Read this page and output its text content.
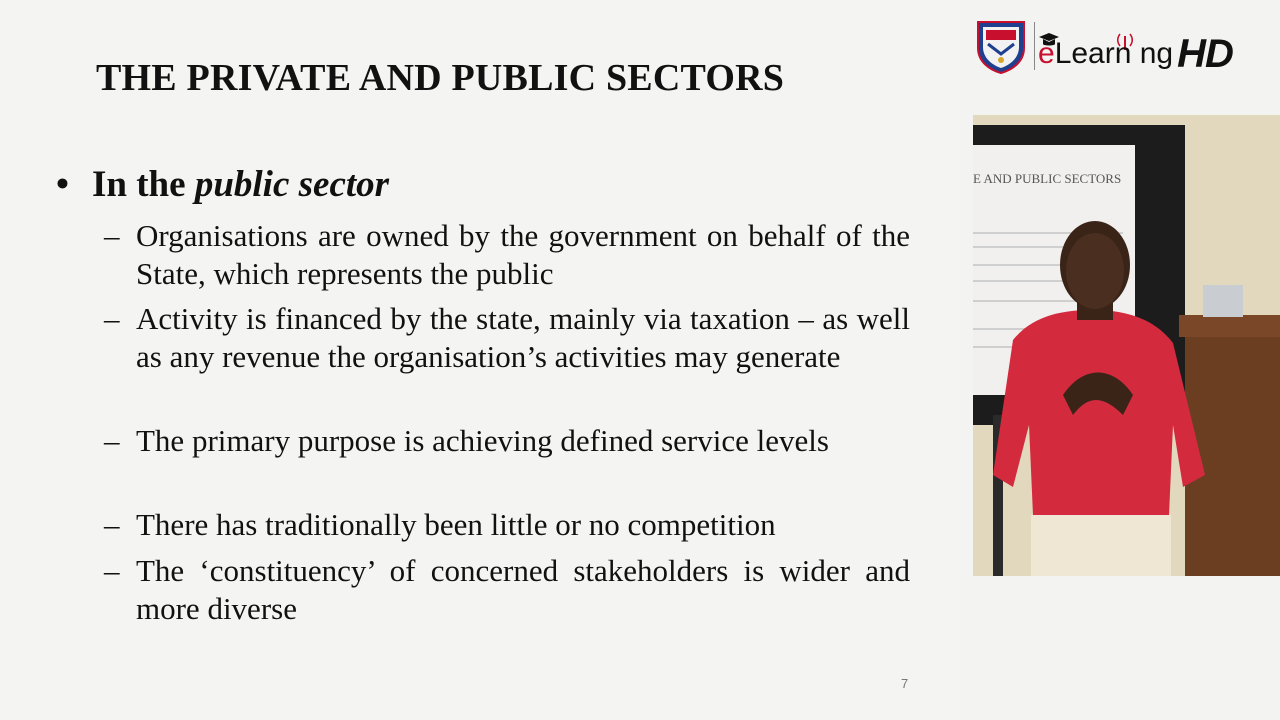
THE PRIVATE AND PUBLIC SECTORS
• In the public sector
– Organisations are owned by the government on behalf of the State, which represents the public
– Activity is financed by the state, mainly via taxation – as well as any revenue the organisation’s activities may generate
– The primary purpose is achieving defined service levels
– There has traditionally been little or no competition
– The ‘constituency’ of concerned stakeholders is wider and more diverse
7
eLearn ng HD
E AND PUBLIC SECTORS
